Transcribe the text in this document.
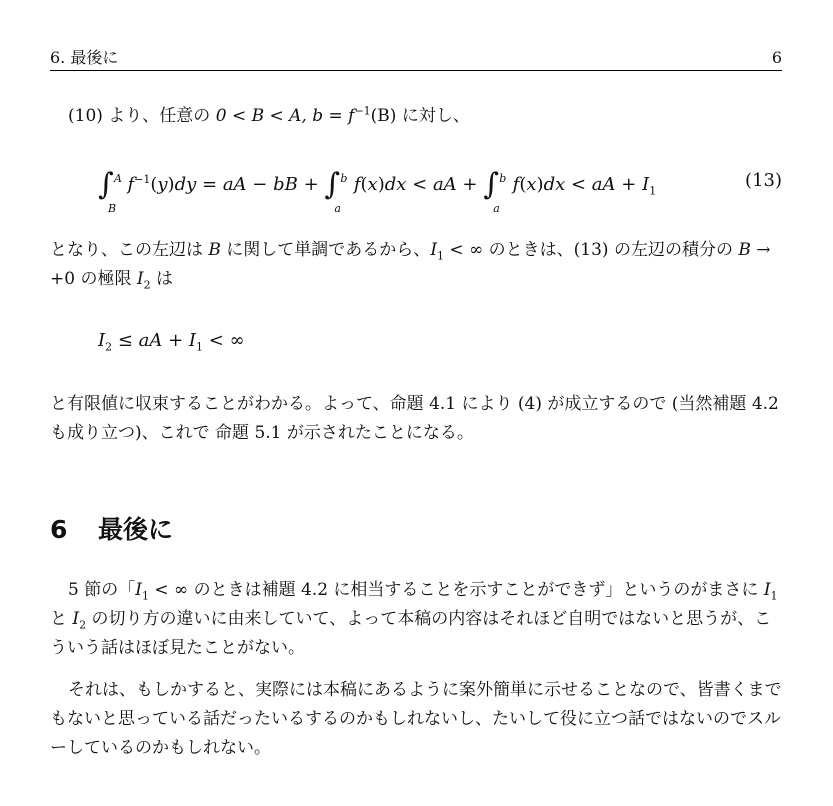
6. 最後に	6

(10) より、任意の 0 < B < A, $b = f^{-1}(B)$ に対し、

∫ A
B
$f^{-1}(y)dy$ = aA − bB + ∫ b
a
f(x)dx < aA + ∫ b
a
f(x)dx < aA + $I_1$
(13)

となり、この左辺は B に関して単調であるから、$I_1$ < ∞ のときは、(13) の左辺の積分の B → +0 の極限 $I_2$ は

$I_2$ ≤ aA + $I_1$ < ∞

と有限値に収束することがわかる。よって、命題 4.1 により (4) が成立するので (当然補題 4.2 も成り立つ)、これで 命題 5.1 が示されたことになる。

6 最後に

5 節の「$I_1$ < ∞ のときは補題 4.2 に相当することを示すことができず」というのがまさに $I_1$ と $I_2$ の切り方の違いに由来していて、よって本稿の内容はそれほど自明ではないと思うが、こういう話はほぼ見たことがない。

それは、もしかすると、実際には本稿にあるように案外簡単に示せることなので、皆書くまでもないと思っている話だったいるするのかもしれないし、たいして役に立つ話ではないのでスルーしているのかもしれない。
